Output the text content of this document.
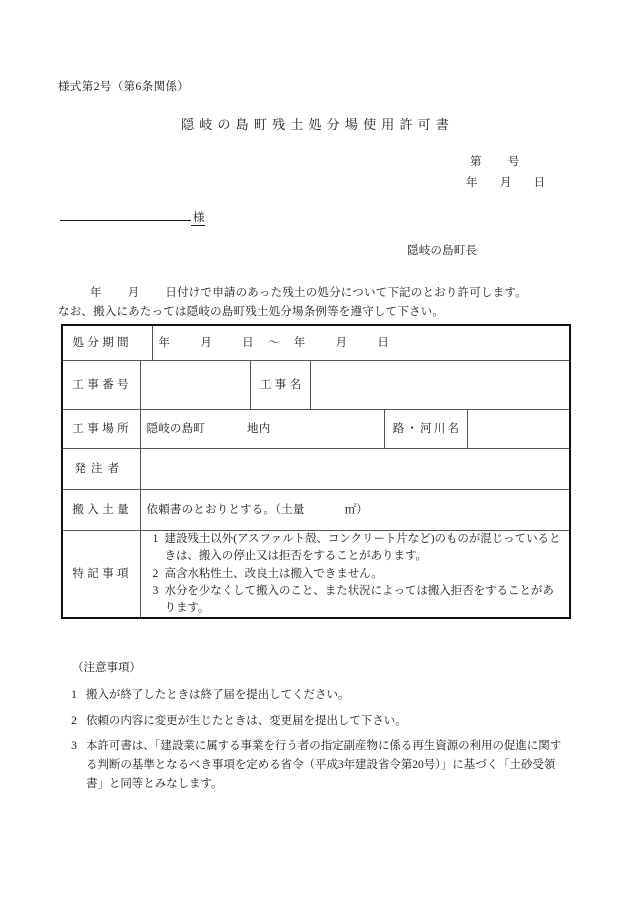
様式第2号（第6条関係）
隠岐の島町残土処分場使用許可書
第 号
年 月 日
様
隠岐の島町長
年 月 日付けで申請のあった残土の処分について下記のとおり許可します。
なお、搬入にあたっては隠岐の島町残土処分場条例等を遵守して下さい。
処分期間		年 月 日 ～ 年 月 日				
工事番号			工事名			
工事場所	隠岐の島町 地内				路・河川名	
発注者						
搬入土量	依頼書のとおりとする。（土量 ㎡）					
特記事項	
1 建設残土以外(アスファルト殻、コンクリート片など)のものが混じっているときは、搬入の停止又は拒否をすることがあります。
2 高含水粘性土、改良土は搬入できません。
3 水分を少なくして搬入のこと、また状況によっては搬入拒否をすることがあります。
（注意事項）
1 搬入が終了したときは終了届を提出してください。
2 依頼の内容に変更が生じたときは、変更届を提出して下さい。
3 本許可書は、「建設業に属する事業を行う者の指定副産物に係る再生資源の利用の促進に関する判断の基準となるべき事項を定める省令（平成3年建設省令第20号）」に基づく「土砂受領書」と同等とみなします。
